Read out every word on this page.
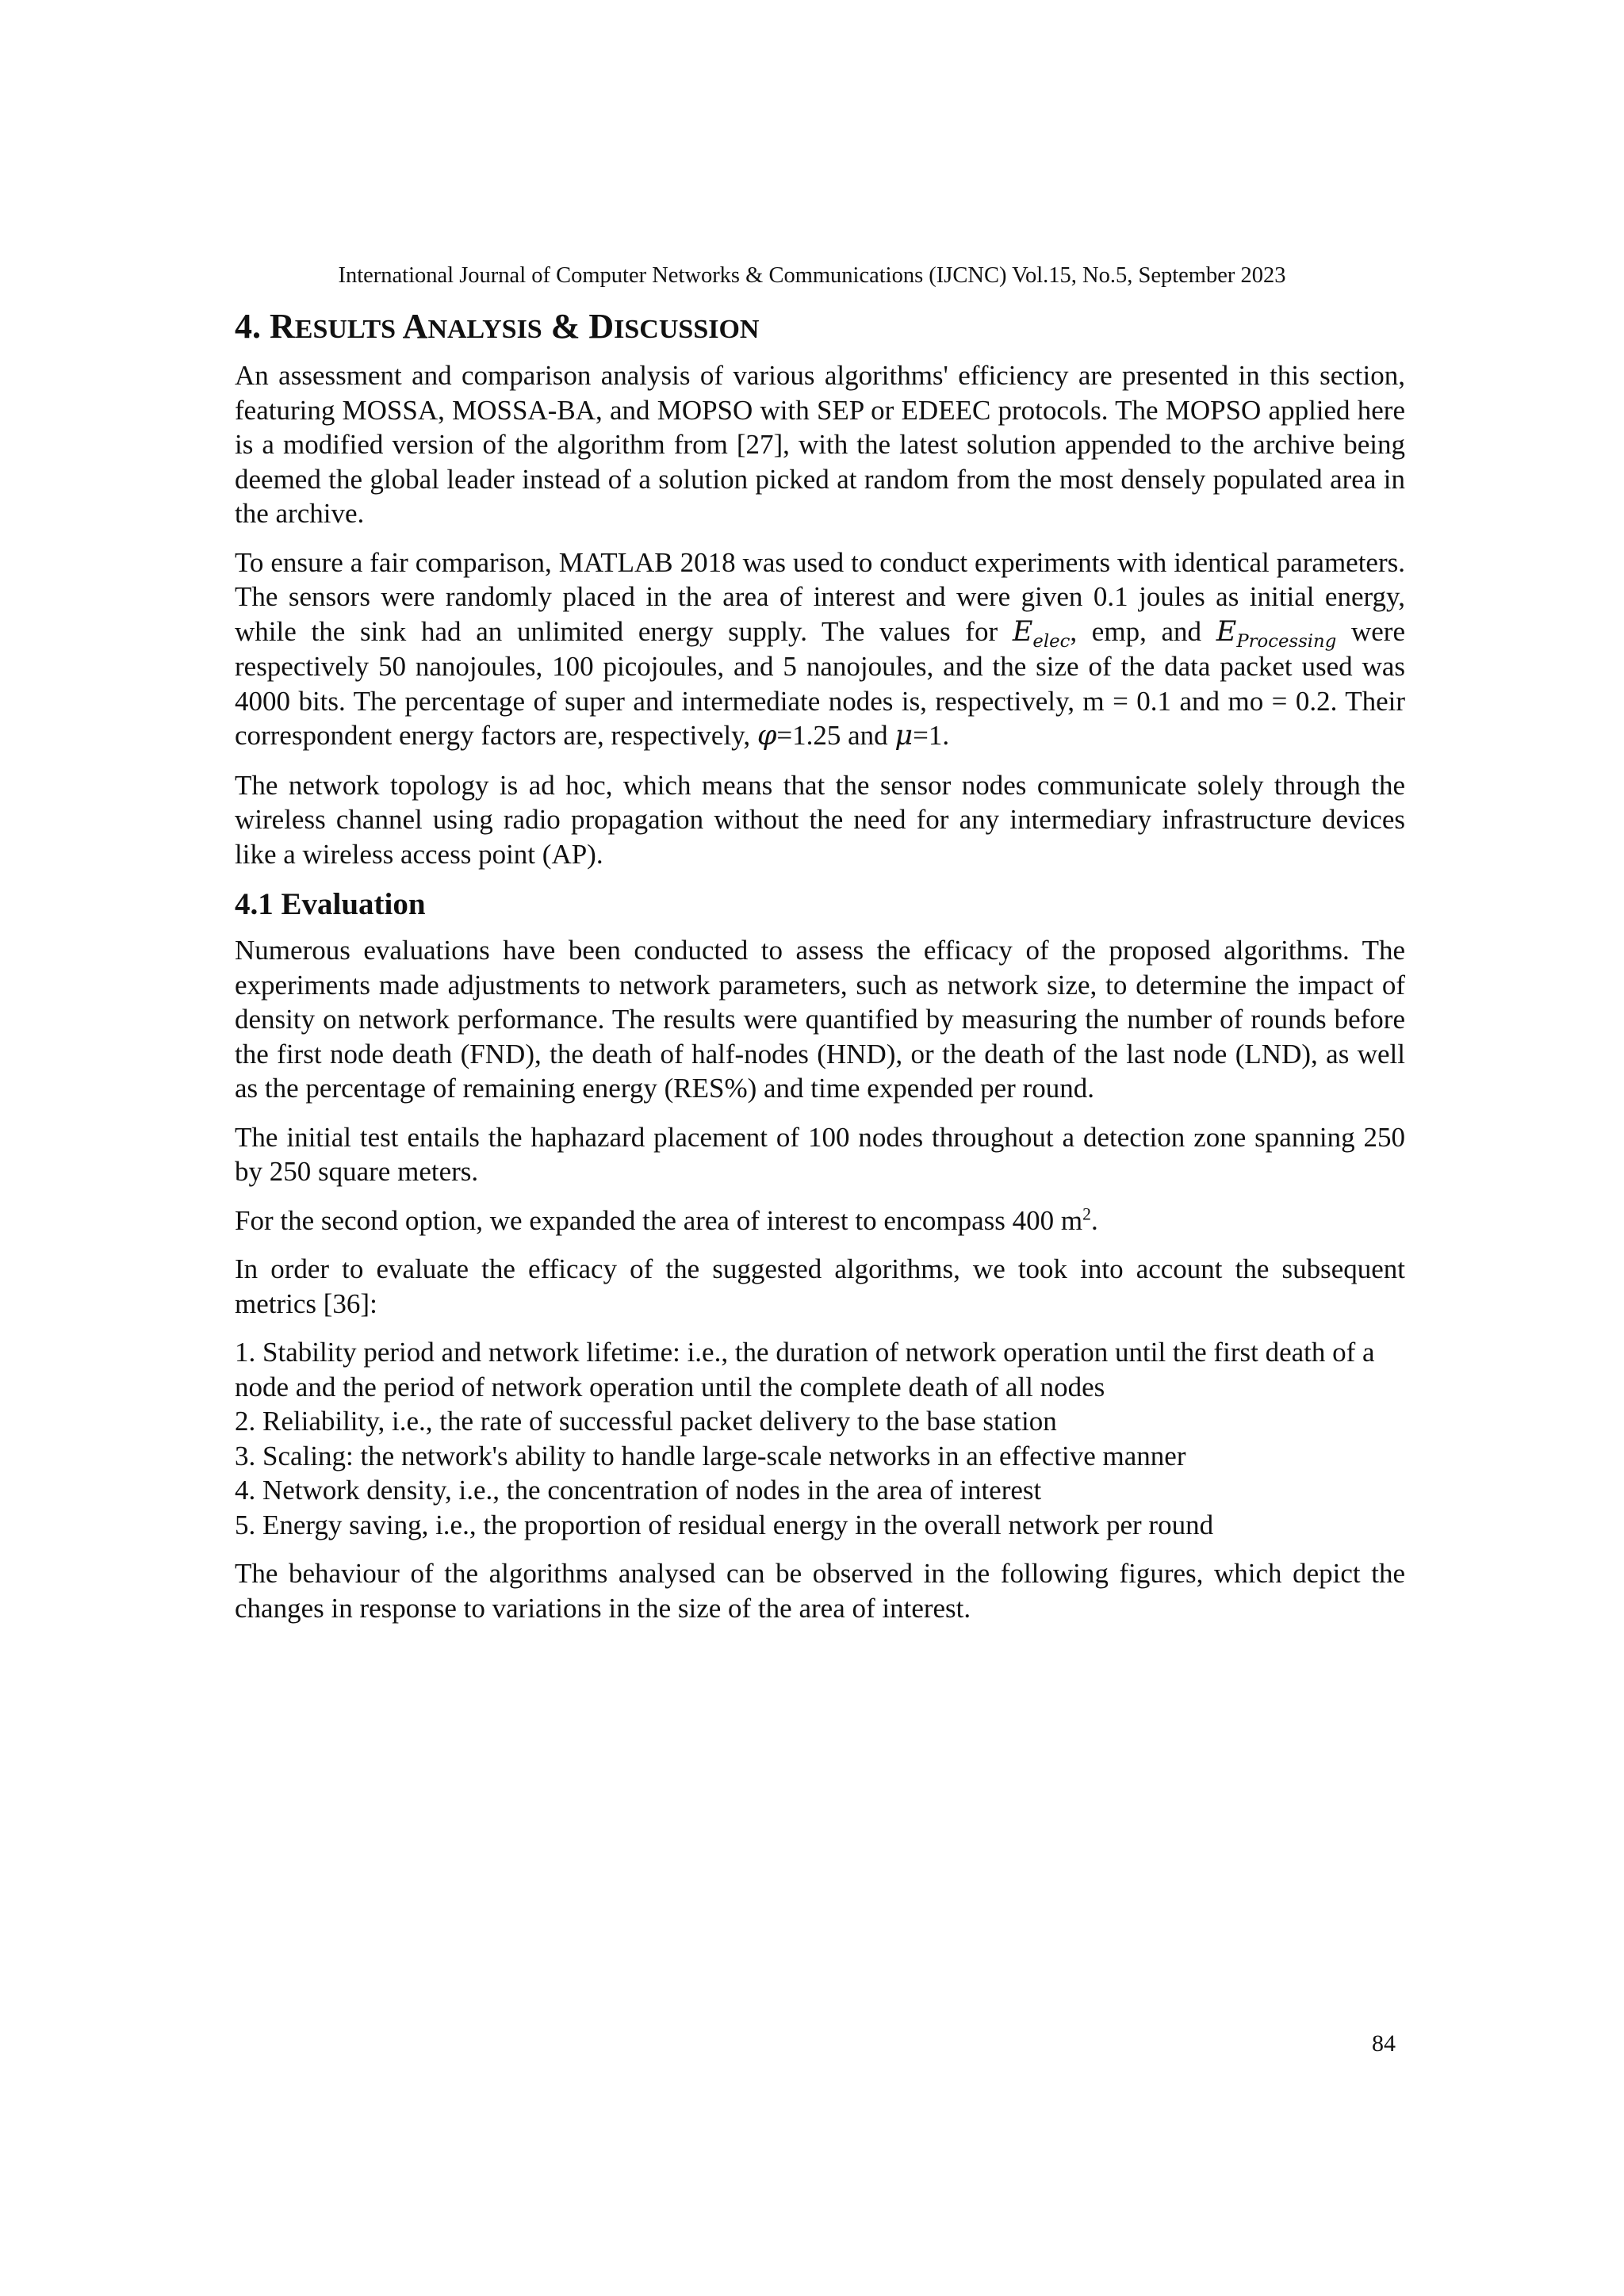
International Journal of Computer Networks & Communications (IJCNC) Vol.15, No.5, September 2023
4. RESULTS ANALYSIS & DISCUSSION

An assessment and comparison analysis of various algorithms' efficiency are presented in this section, featuring MOSSA, MOSSA-BA, and MOPSO with SEP or EDEEC protocols. The MOPSO applied here is a modified version of the algorithm from [27], with the latest solution appended to the archive being deemed the global leader instead of a solution picked at random from the most densely populated area in the archive.

To ensure a fair comparison, MATLAB 2018 was used to conduct experiments with identical parameters. The sensors were randomly placed in the area of interest and were given 0.1 joules as initial energy, while the sink had an unlimited energy supply. The values for $E_{elec}$, emp, and $E_{Processing}$ were respectively 50 nanojoules, 100 picojoules, and 5 nanojoules, and the size of the data packet used was 4000 bits. The percentage of super and intermediate nodes is, respectively, m = 0.1 and mo = 0.2. Their correspondent energy factors are, respectively, φ=1.25 and μ=1.

The network topology is ad hoc, which means that the sensor nodes communicate solely through the wireless channel using radio propagation without the need for any intermediary infrastructure devices like a wireless access point (AP).

4.1 Evaluation

Numerous evaluations have been conducted to assess the efficacy of the proposed algorithms. The experiments made adjustments to network parameters, such as network size, to determine the impact of density on network performance. The results were quantified by measuring the number of rounds before the first node death (FND), the death of half-nodes (HND), or the death of the last node (LND), as well as the percentage of remaining energy (RES%) and time expended per round.

The initial test entails the haphazard placement of 100 nodes throughout a detection zone spanning 250 by 250 square meters.

For the second option, we expanded the area of interest to encompass 400 $m^2$.

In order to evaluate the efficacy of the suggested algorithms, we took into account the subsequent metrics [36]:

1. Stability period and network lifetime: i.e., the duration of network operation until the first death of a node and the period of network operation until the complete death of all nodes
2. Reliability, i.e., the rate of successful packet delivery to the base station
3. Scaling: the network's ability to handle large-scale networks in an effective manner
4. Network density, i.e., the concentration of nodes in the area of interest
5. Energy saving, i.e., the proportion of residual energy in the overall network per round

The behaviour of the algorithms analysed can be observed in the following figures, which depict the changes in response to variations in the size of the area of interest.

84
